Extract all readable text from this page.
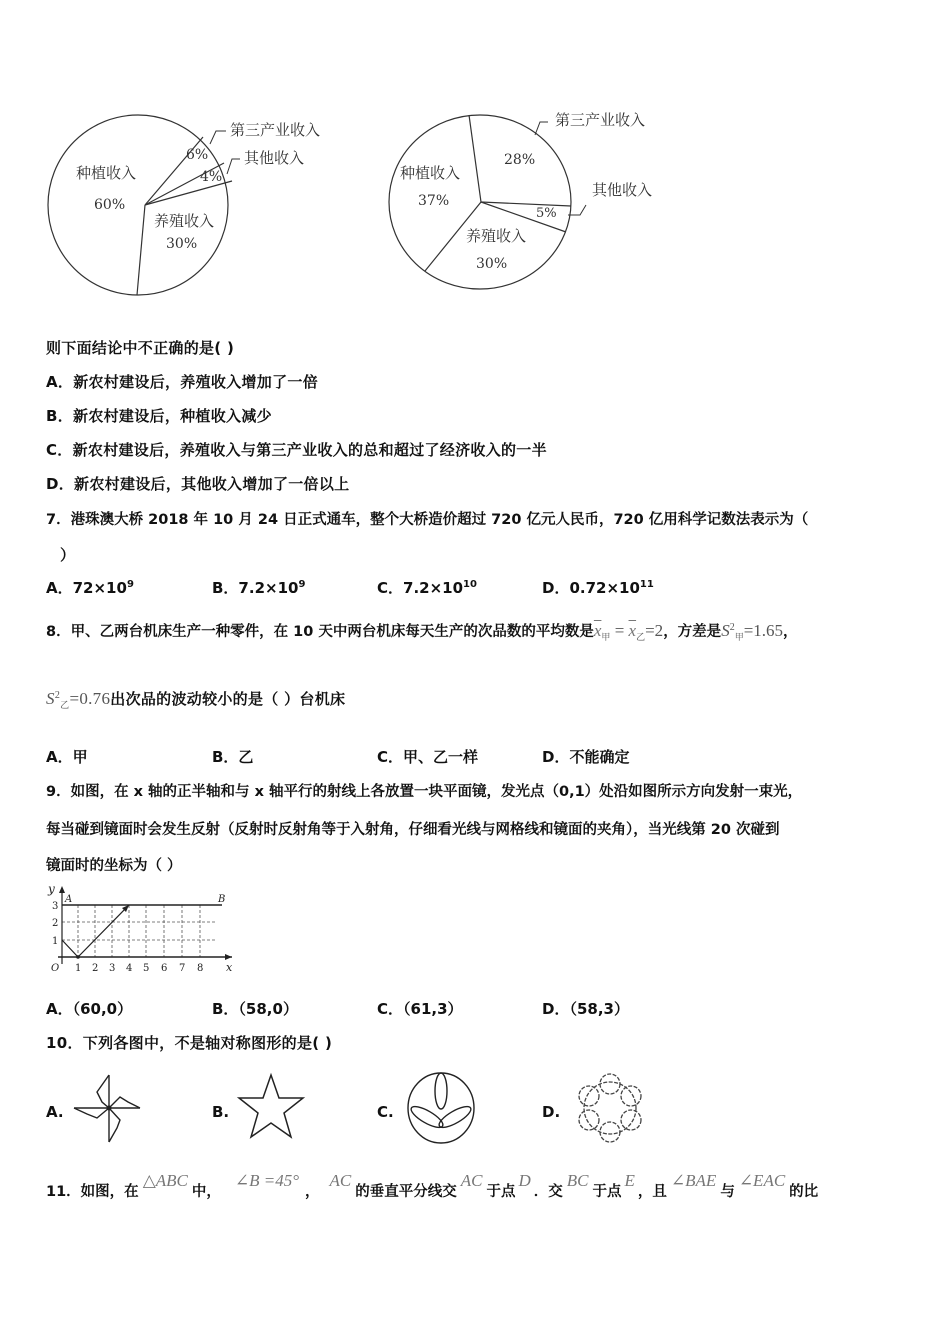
第三产业收入
6% 其他收入
4%
种植收入
60%
养殖收入
30%
第三产业收入
28%
其他收入
5%
种植收入
37%
养殖收入
30%
则下面结论中不正确的是( )
A．新农村建设后，养殖收入增加了一倍
B．新农村建设后，种植收入减少
C．新农村建设后，养殖收入与第三产业收入的总和超过了经济收入的一半
D．新农村建设后，其他收入增加了一倍以上
7．港珠澳大桥 2018 年 10 月 24 日正式通车，整个大桥造价超过 720 亿元人民币，720 亿用科学记数法表示为（
）
A．$72\times 10^9$	B．$7.2\times 10^9$	C．$7.2\times 10^{10}$	D．$0.72\times 10^{11}$
8．甲、乙两台机床生产一种零件，在 10 天中两台机床每天生产的次品数的平均数是$\overline{x}_甲 = \overline{x}_乙=2$，方差是$S^2_甲=1.65$，
$S^2_乙=0.76$出次品的波动较小的是（ ）台机床
A．甲	B．乙	C．甲、乙一样	D．不能确定
9．如图，在 x 轴的正半轴和与 x 轴平行的射线上各放置一块平面镜，发光点（0,1）处沿如图所示方向发射一束光，
每当碰到镜面时会发生反射（反射时反射角等于入射角，仔细看光线与网格线和镜面的夹角），当光线第 20 次碰到
镜面时的坐标为（ ）
y
A	B
3
2
1
O 1 2 3 4 5 6 7 8 x
A．（60,0）	B．（58,0）	C．（61,3）	D．（58,3）
10．下列各图中，不是轴对称图形的是( )
A.	B.	C.	D.
11．如图，在△ABC中，∠B =45°，AC的垂直平分线交AC于点D．交BC于点E，且∠BAE与∠EAC的比
